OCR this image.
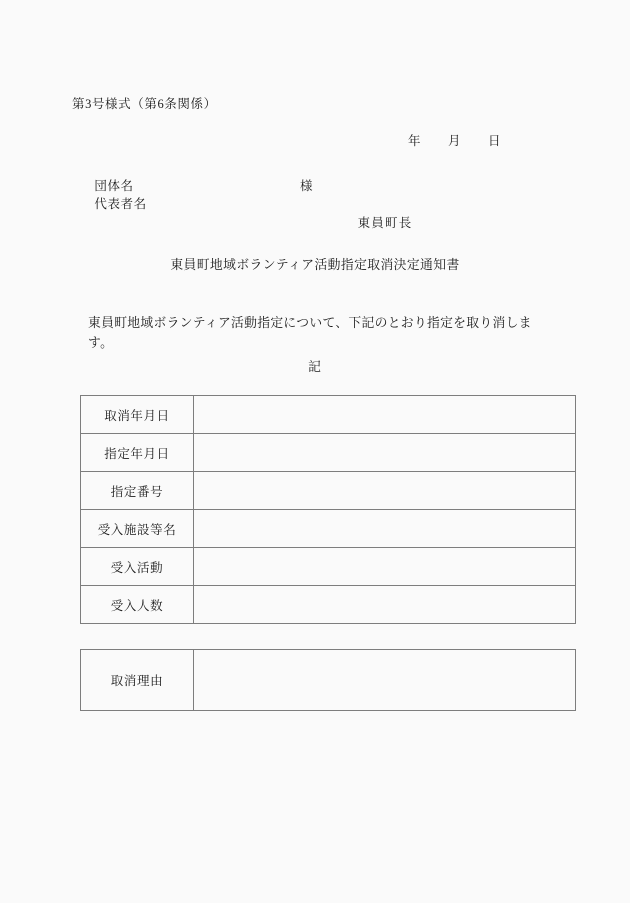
第3号様式（第6条関係）

年 月 日

団体名

代表者名

様

東員町長
東員町地域ボランティア活動指定取消決定通知書
東員町地域ボランティア活動指定について、下記のとおり指定を取り消します。
記
取消年月日	
指定年月日	
指定番号	
受入施設等名	
受入活動	
受入人数	
取消理由	
